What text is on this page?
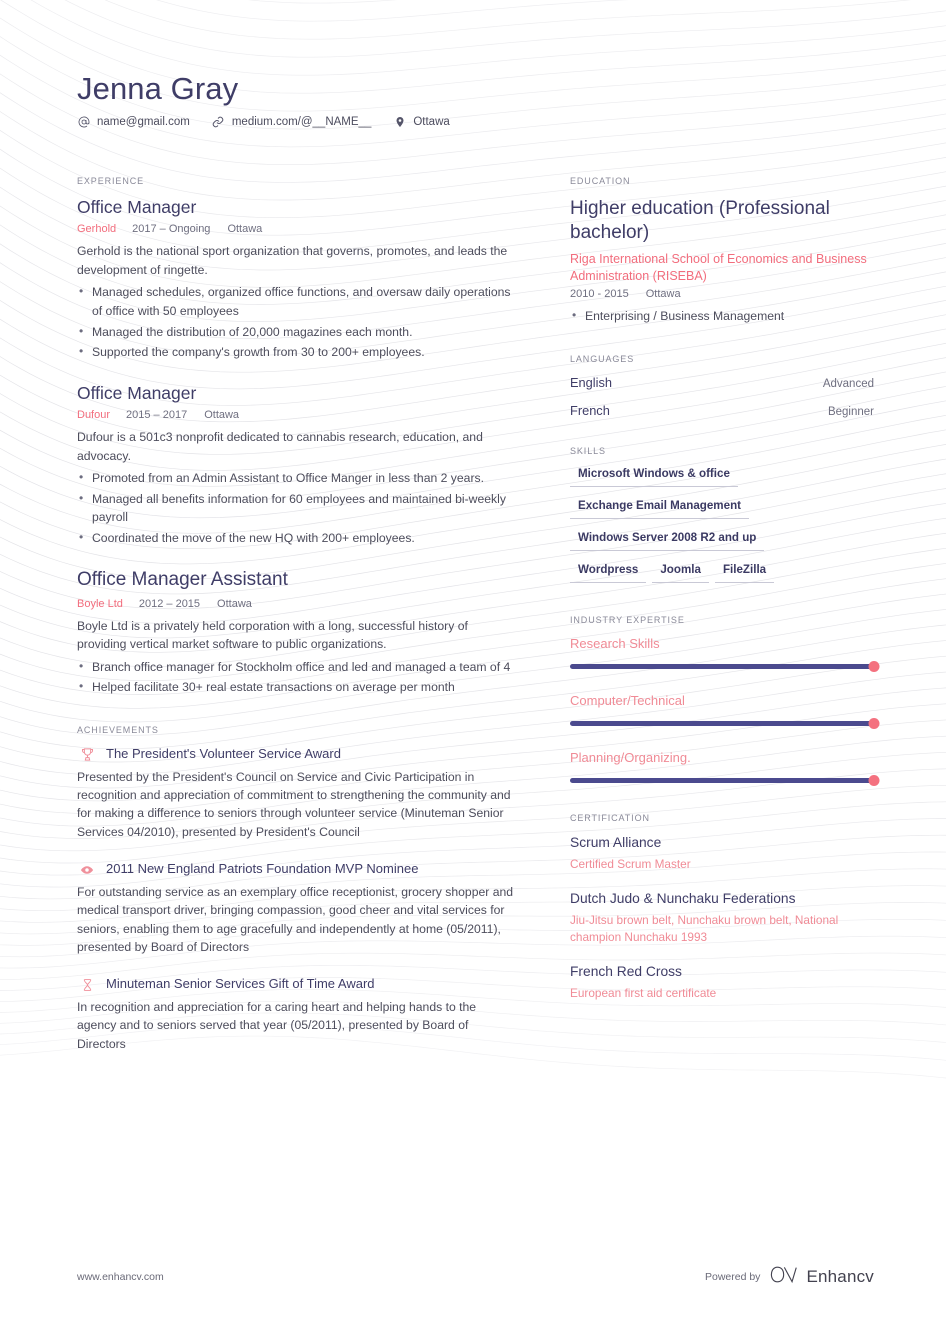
Jenna Gray
name@gmail.com	medium.com/@__NAME__	Ottawa
EXPERIENCE
Office Manager
Gerhold 2017 – Ongoing Ottawa
Gerhold is the national sport organization that governs, promotes, and leads the development of ringette.
• Managed schedules, organized office functions, and oversaw daily operations of office with 50 employees
• Managed the distribution of 20,000 magazines each month.
• Supported the company's growth from 30 to 200+ employees.
Office Manager
Dufour 2015 – 2017 Ottawa
Dufour is a 501c3 nonprofit dedicated to cannabis research, education, and advocacy.
• Promoted from an Admin Assistant to Office Manger in less than 2 years.
• Managed all benefits information for 60 employees and maintained bi-weekly payroll
• Coordinated the move of the new HQ with 200+ employees.
Office Manager Assistant
Boyle Ltd 2012 – 2015 Ottawa
Boyle Ltd is a privately held corporation with a long, successful history of providing vertical market software to public organizations.
• Branch office manager for Stockholm office and led and managed a team of 4
• Helped facilitate 30+ real estate transactions on average per month
ACHIEVEMENTS
The President's Volunteer Service Award
Presented by the President's Council on Service and Civic Participation in recognition and appreciation of commitment to strengthening the community and for making a difference to seniors through volunteer service (Minuteman Senior Services 04/2010), presented by President's Council
2011 New England Patriots Foundation MVP Nominee
For outstanding service as an exemplary office receptionist, grocery shopper and medical transport driver, bringing compassion, good cheer and vital services for seniors, enabling them to age gracefully and independently at home (05/2011), presented by Board of Directors
Minuteman Senior Services Gift of Time Award
In recognition and appreciation for a caring heart and helping hands to the agency and to seniors served that year (05/2011), presented by Board of Directors
EDUCATION
Higher education (Professional bachelor)
Riga International School of Economics and Business Administration (RISEBA)
2010 - 2015 Ottawa
• Enterprising / Business Management
LANGUAGES
English	Advanced
French	Beginner
SKILLS
Microsoft Windows & office
Exchange Email Management
Windows Server 2008 R2 and up
Wordpress	Joomla	FileZilla
INDUSTRY EXPERTISE
Research Skills
Computer/Technical
Planning/Organizing.
CERTIFICATION
Scrum Alliance
Certified Scrum Master
Dutch Judo & Nunchaku Federations
Jiu-Jitsu brown belt, Nunchaku brown belt, National champion Nunchaku 1993
French Red Cross
European first aid certificate
www.enhancv.com	Powered by	Enhancv
